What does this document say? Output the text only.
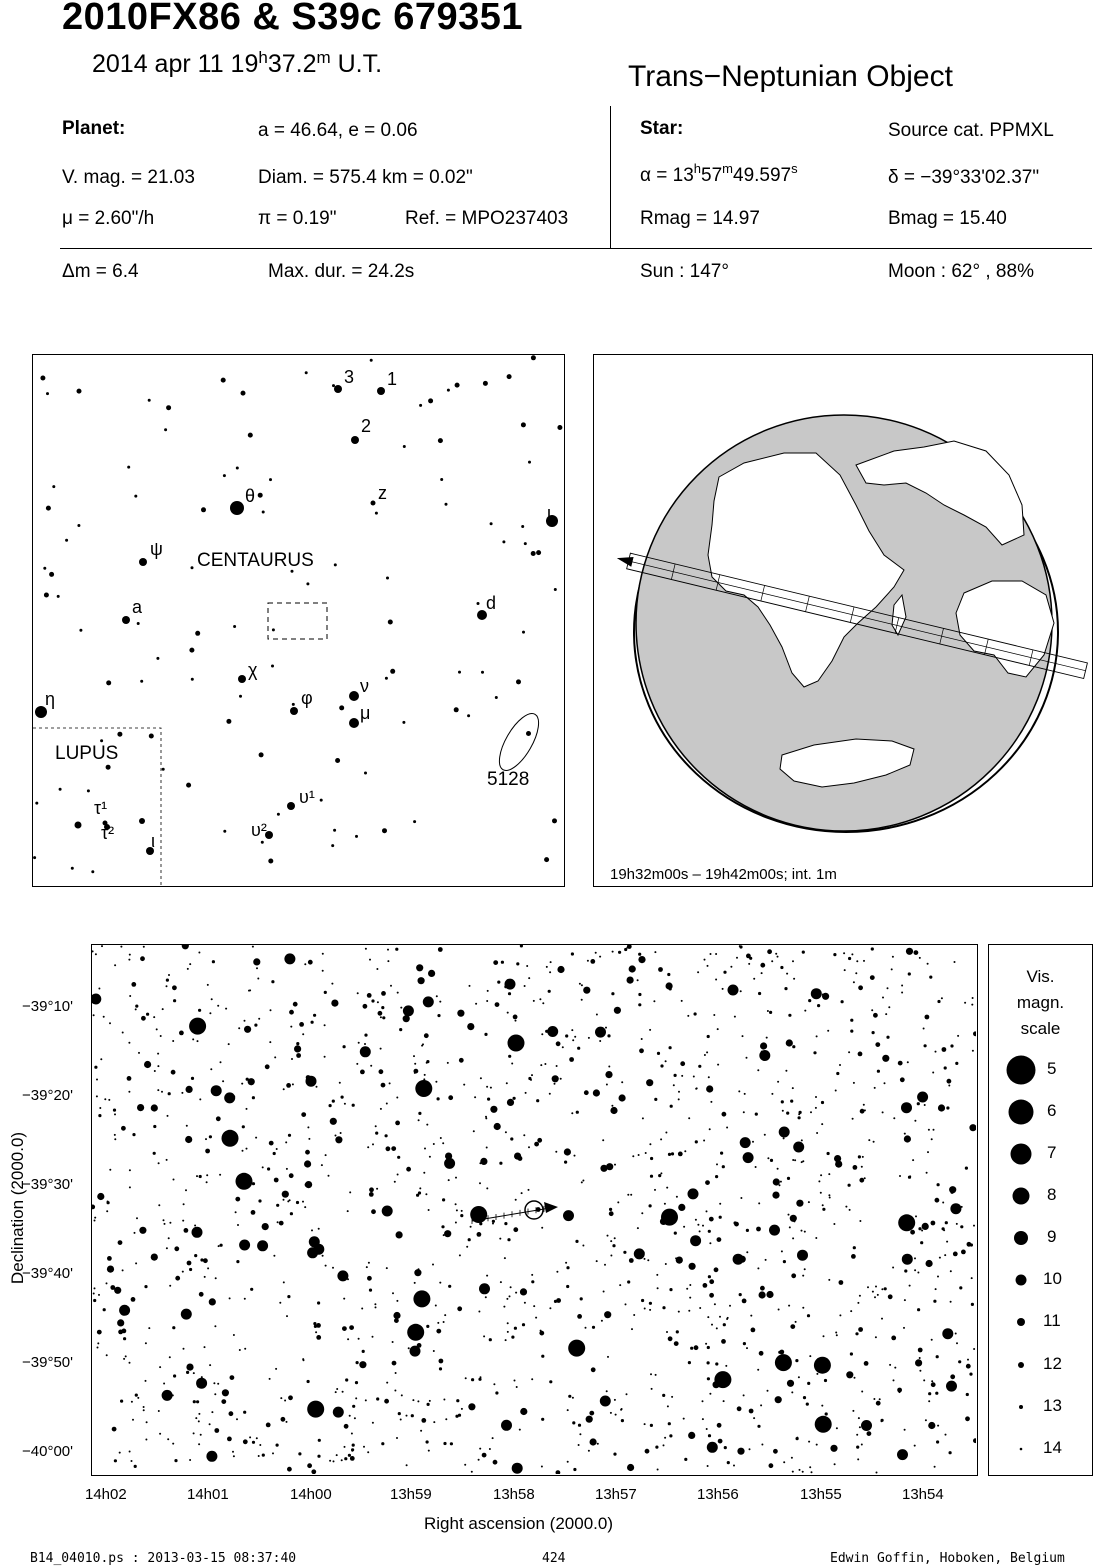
2010FX86 & S39c 679351
2014 apr 11 19$^h$37.2$^m$ U.T.	Trans−Neptunian Object
Planet:	a = 46.64, e = 0.06
V. mag. = 21.03	Diam. = 575.4 km = 0.02"
μ = 2.60"/h	π = 0.19"	Ref. = MPO237403
Star:	Source cat. PPMXL
$\alpha = 13^h57^m49.597^s$	δ = −39°33'02.37"
Rmag = 14.97	Bmag = 15.40
Δm = 6.4	Max. dur. = 24.2s	Sun : 147°	Moon : 62° , 88%
CENTAURUS
LUPUS
5128
3 1
2
z
θ
ι
ψ
a	d
χ
ν
φ
μ
η
υ¹
υ²
τ¹
τ² ι
19h32m00s – 19h42m00s; int. 1m
−39°10'
−39°20'
−39°30'
−39°40'
−39°50'
−40°00'
14h02	14h01	14h00	13h59	13h58	13h57	13h56	13h55	13h54
Right ascension (2000.0)
Declination (2000.0)
Vis.
magn.
scale
5
6
7
8
9
10
11
12
13
14
B14_04010.ps : 2013-03-15 08:37:40	424	Edwin Goffin, Hoboken, Belgium
